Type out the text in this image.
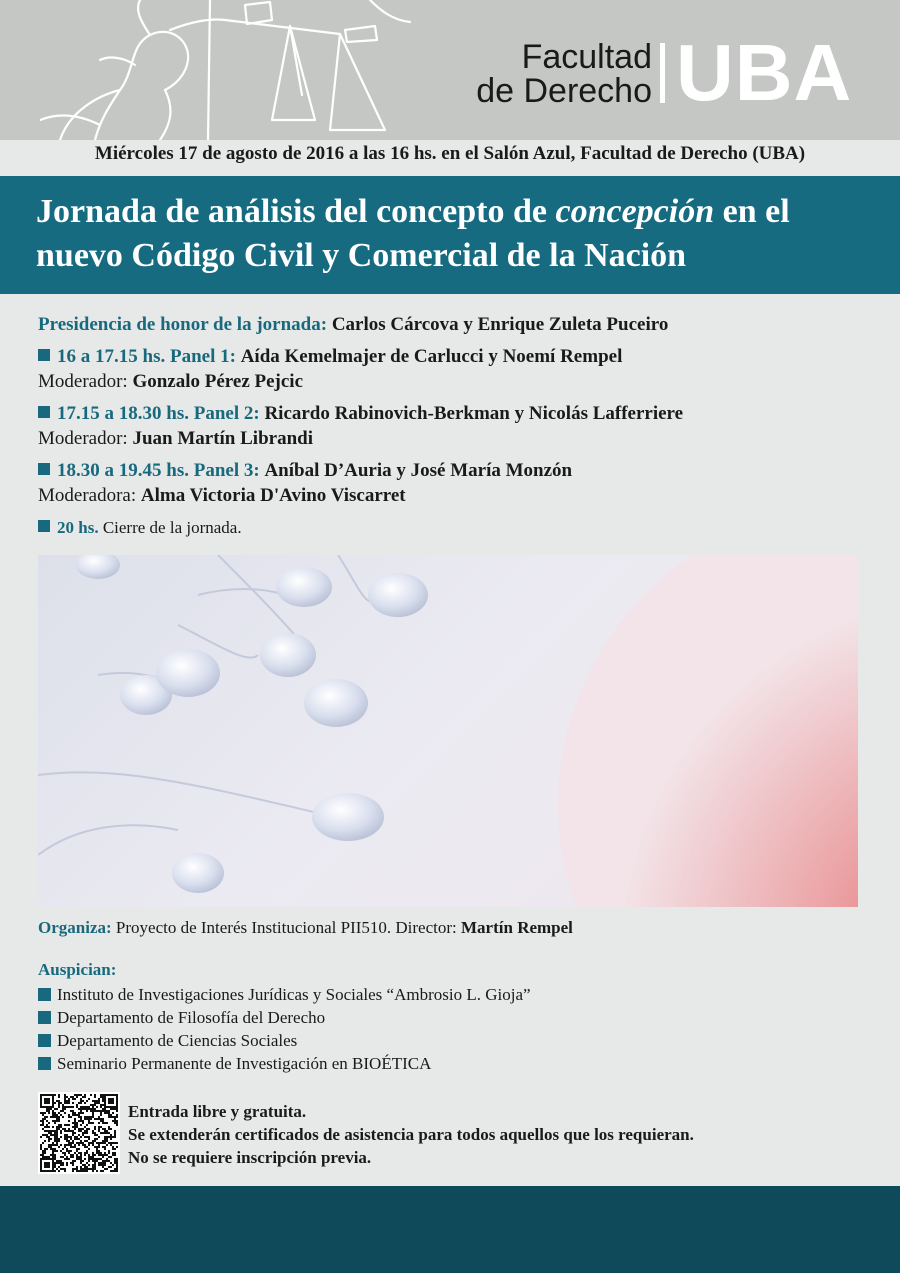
Facultad
de Derecho UBA
Miércoles 17 de agosto de 2016 a las 16 hs. en el Salón Azul, Facultad de Derecho (UBA)
Jornada de análisis del concepto de concepción en el nuevo Código Civil y Comercial de la Nación
Presidencia de honor de la jornada: Carlos Cárcova y Enrique Zuleta Puceiro
16 a 17.15 hs. Panel 1: Aída Kemelmajer de Carlucci y Noemí Rempel
Moderador: Gonzalo Pérez Pejcic
17.15 a 18.30 hs. Panel 2: Ricardo Rabinovich-Berkman y Nicolás Lafferriere
Moderador: Juan Martín Librandi
18.30 a 19.45 hs. Panel 3: Aníbal D’Auria y José María Monzón
Moderadora: Alma Victoria D'Avino Viscarret
20 hs. Cierre de la jornada.
Organiza: Proyecto de Interés Institucional PII510. Director: Martín Rempel
Auspician:
Instituto de Investigaciones Jurídicas y Sociales “Ambrosio L. Gioja”
Departamento de Filosofía del Derecho
Departamento de Ciencias Sociales
Seminario Permanente de Investigación en BIOÉTICA
Entrada libre y gratuita.
Se extenderán certificados de asistencia para todos aquellos que los requieran.
No se requiere inscripción previa.
